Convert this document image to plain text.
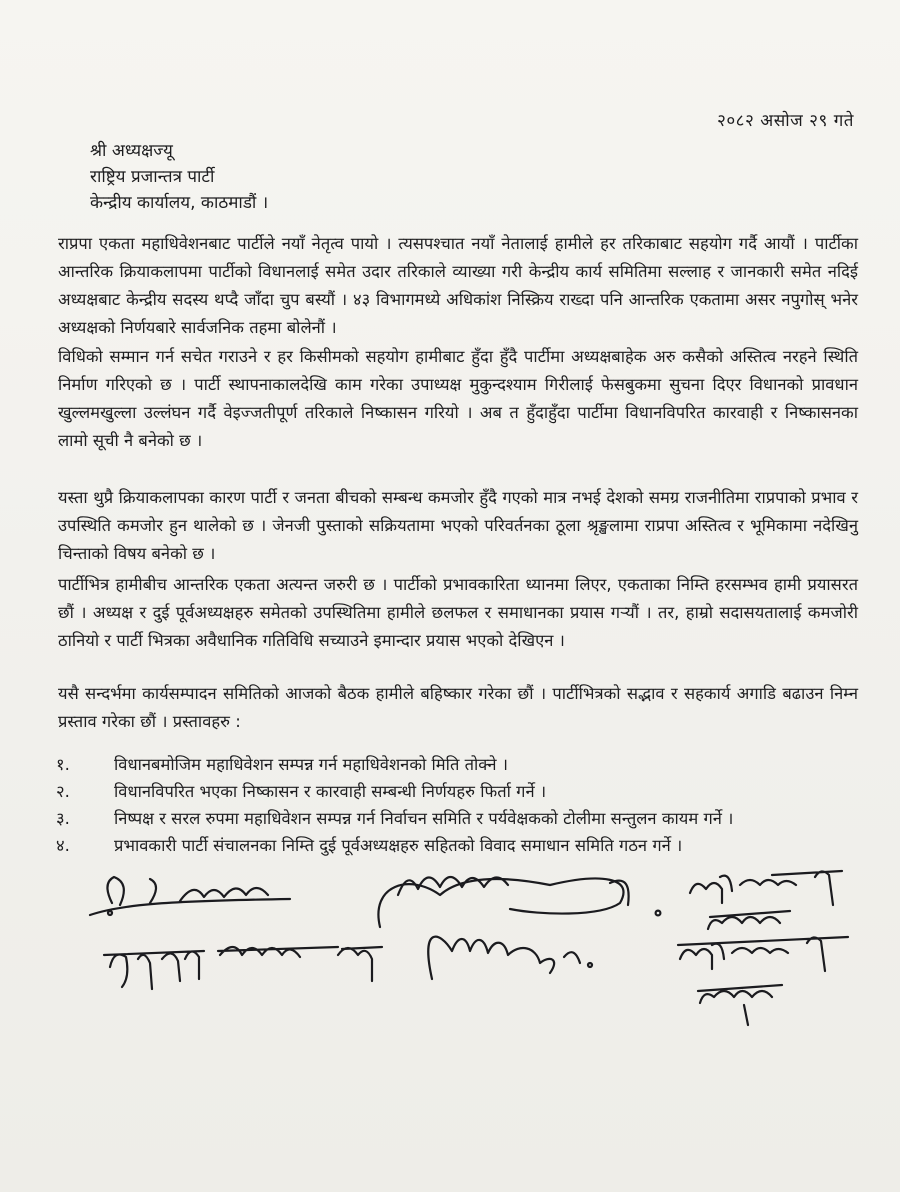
२०८२ असोज २९ गते
श्री अध्यक्षज्यू
राष्ट्रिय प्रजान्तत्र पार्टी
केन्द्रीय कार्यालय, काठमाडौं ।
राप्रपा एकता महाधिवेशनबाट पार्टीले नयाँ नेतृत्व पायो । त्यसपश्चात नयाँ नेतालाई हामीले हर तरिकाबाट सहयोग गर्दै आयौं । पार्टीका आन्तरिक क्रियाकलापमा पार्टीको विधानलाई समेत उदार तरिकाले व्याख्या गरी केन्द्रीय कार्य समितिमा सल्लाह र जानकारी समेत नदिई अध्यक्षबाट केन्द्रीय सदस्य थप्दै जाँदा चुप बस्यौं । ४३ विभागमध्ये अधिकांश निस्क्रिय राख्दा पनि आन्तरिक एकतामा असर नपुगोस् भनेर अध्यक्षको निर्णयबारे सार्वजनिक तहमा बोलेनौं ।
विधिको सम्मान गर्न सचेत गराउने र हर किसीमको सहयोग हामीबाट हुँदा हुँदै पार्टीमा अध्यक्षबाहेक अरु कसैको अस्तित्व नरहने स्थिति निर्माण गरिएको छ । पार्टी स्थापनाकालदेखि काम गरेका उपाध्यक्ष मुकुन्दश्याम गिरीलाई फेसबुकमा सुचना दिएर विधानको प्रावधान खुल्लमखुल्ला उल्लंघन गर्दै वेइज्जतीपूर्ण तरिकाले निष्कासन गरियो । अब त हुँदाहुँदा पार्टीमा विधानविपरित कारवाही र निष्कासनका लामो सूची नै बनेको छ ।
यस्ता थुप्रै क्रियाकलापका कारण पार्टी र जनता बीचको सम्बन्ध कमजोर हुँदै गएको मात्र नभई देशको समग्र राजनीतिमा राप्रपाको प्रभाव र उपस्थिति कमजोर हुन थालेको छ । जेनजी पुस्ताको सक्रियतामा भएको परिवर्तनका ठूला श्रृङ्खलामा राप्रपा अस्तित्व र भूमिकामा नदेखिनु चिन्ताको विषय बनेको छ ।
पार्टीभित्र हामीबीच आन्तरिक एकता अत्यन्त जरुरी छ । पार्टीको प्रभावकारिता ध्यानमा लिएर, एकताका निम्ति हरसम्भव हामी प्रयासरत छौं । अध्यक्ष र दुई पूर्वअध्यक्षहरु समेतको उपस्थितिमा हामीले छलफल र समाधानका प्रयास गर्‍यौं । तर, हाम्रो सदासयतालाई कमजोरी ठानियो र पार्टी भित्रका अवैधानिक गतिविधि सच्याउने इमान्दार प्रयास भएको देखिएन ।
यसै सन्दर्भमा कार्यसम्पादन समितिको आजको बैठक हामीले बहिष्कार गरेका छौं । पार्टीभित्रको सद्भाव र सहकार्य अगाडि बढाउन निम्न प्रस्ताव गरेका छौं । प्रस्तावहरु :
१.	विधानबमोजिम महाधिवेशन सम्पन्न गर्न महाधिवेशनको मिति तोक्ने ।
२.	विधानविपरित भएका निष्कासन र कारवाही सम्बन्धी निर्णयहरु फिर्ता गर्ने ।
३.	निष्पक्ष र सरल रुपमा महाधिवेशन सम्पन्न गर्न निर्वाचन समिति र पर्यवेक्षकको टोलीमा सन्तुलन कायम गर्ने ।
४.	प्रभावकारी पार्टी संचालनका निम्ति दुई पूर्वअध्यक्षहरु सहितको विवाद समाधान समिति गठन गर्ने ।
